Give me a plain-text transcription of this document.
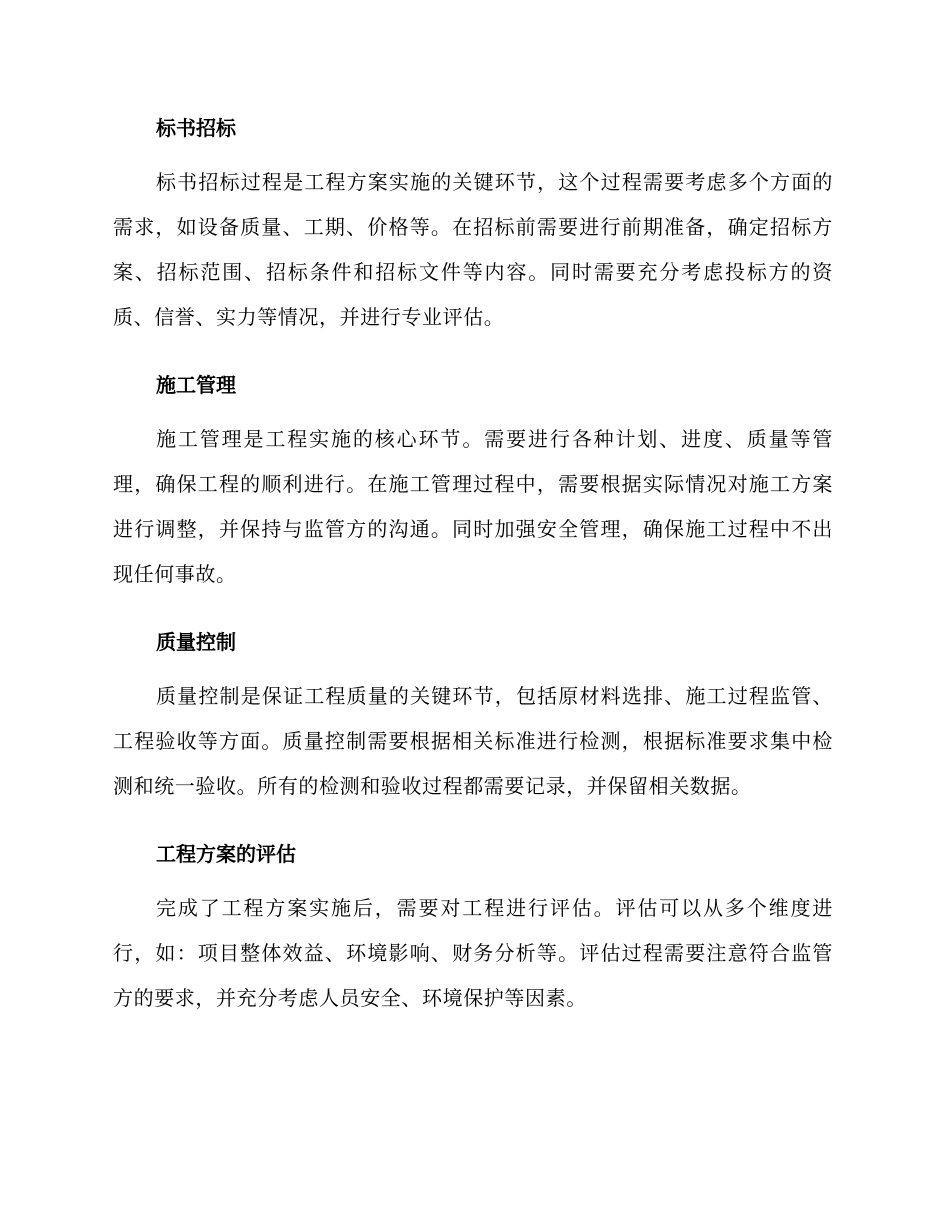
标书招标

标书招标过程是工程方案实施的关键环节，这个过程需要考虑多个方面的需求，如设备质量、工期、价格等。在招标前需要进行前期准备，确定招标方案、招标范围、招标条件和招标文件等内容。同时需要充分考虑投标方的资质、信誉、实力等情况，并进行专业评估。

施工管理

施工管理是工程实施的核心环节。需要进行各种计划、进度、质量等管理，确保工程的顺利进行。在施工管理过程中，需要根据实际情况对施工方案进行调整，并保持与监管方的沟通。同时加强安全管理，确保施工过程中不出现任何事故。

质量控制

质量控制是保证工程质量的关键环节，包括原材料选排、施工过程监管、工程验收等方面。质量控制需要根据相关标准进行检测，根据标准要求集中检测和统一验收。所有的检测和验收过程都需要记录，并保留相关数据。

工程方案的评估

完成了工程方案实施后，需要对工程进行评估。评估可以从多个维度进行，如：项目整体效益、环境影响、财务分析等。评估过程需要注意符合监管方的要求，并充分考虑人员安全、环境保护等因素。
